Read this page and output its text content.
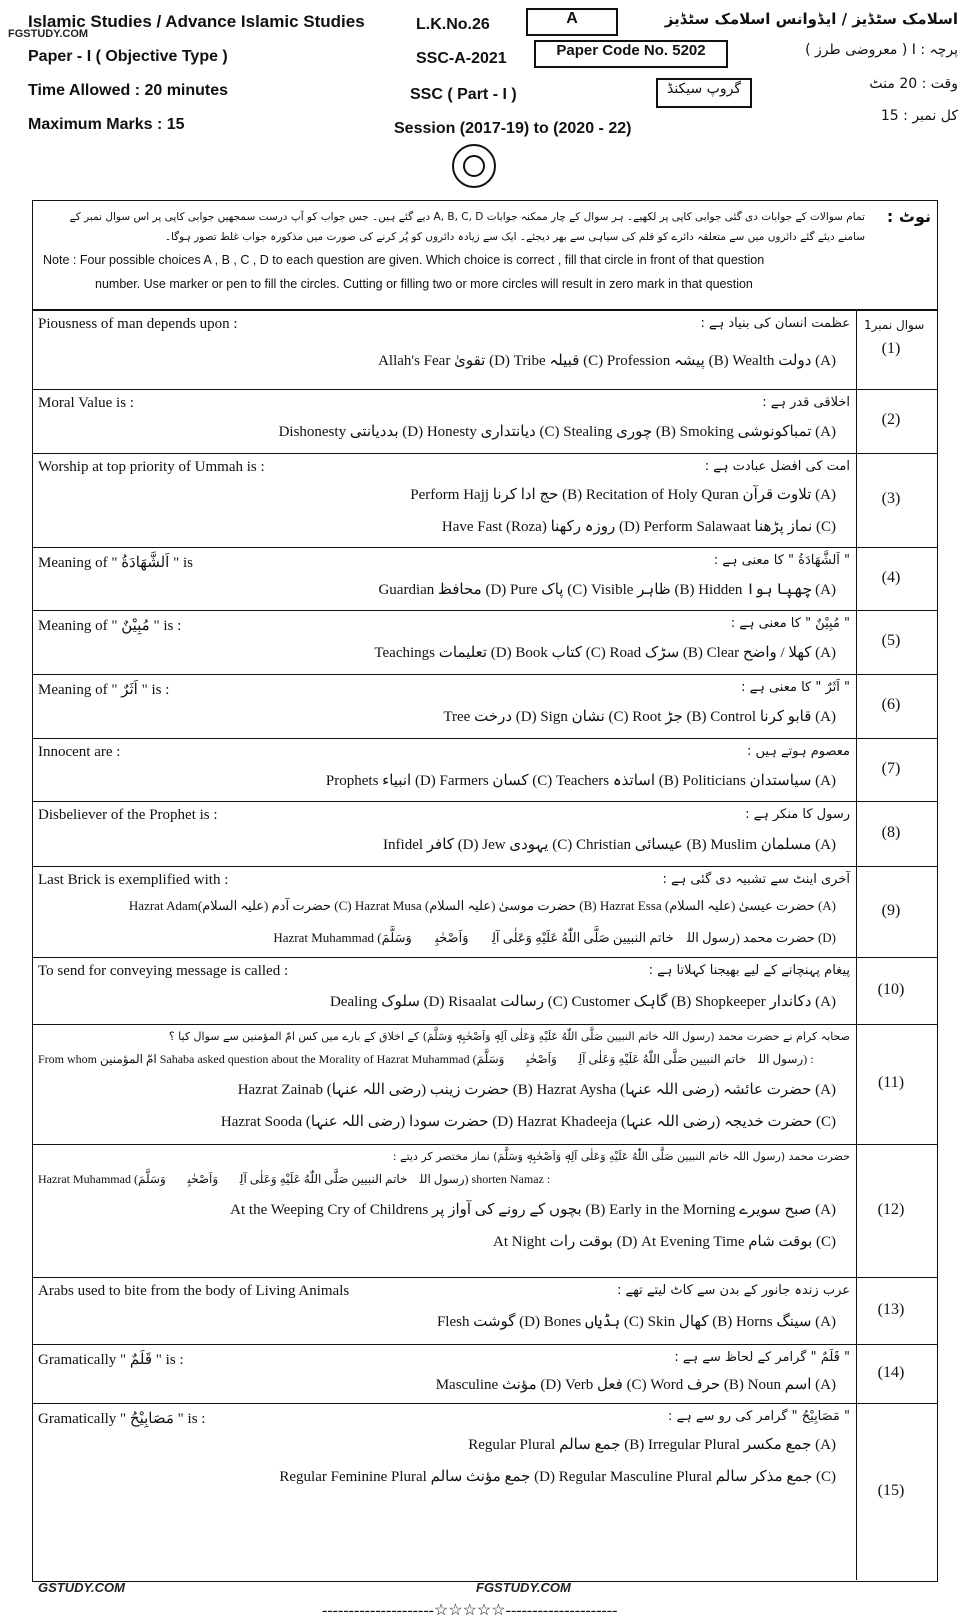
Islamic Studies / Advance Islamic Studies
FGSTUDY.COM
Paper - I ( Objective Type )
Time Allowed : 20 minutes
Maximum Marks : 15
L.K.No.26
SSC-A-2021
SSC ( Part - I )
Session (2017-19) to (2020 - 22)
A
Paper Code No. 5202
گروپ سیکنڈ
اسلامک سٹڈیز / ایڈوانس اسلامک سٹڈیز
پرچہ : I ( معروضی طرز )
وقت : 20 منٹ
کل نمبر : 15
نوٹ :
تمام سوالات کے جوابات دی گئی جوابی کاپی پر لکھیے۔ ہر سوال کے چار ممکنہ جوابات A, B, C, D دیے گئے ہیں۔ جس جواب کو آپ درست سمجھیں جوابی کاپی پر اس سوال نمبر کے
سامنے دیئے گئے دائروں میں سے متعلقہ دائرے کو قلم کی سیاہی سے بھر دیجئے۔ ایک سے زیادہ دائروں کو پُر کرنے کی صورت میں مذکورہ جواب غلط تصور ہوگا۔
Note : Four possible choices A , B , C , D to each question are given. Which choice is correct , fill that circle in front of that question
number. Use marker or pen to fill the circles. Cutting or filling two or more circles will result in zero mark in that question
سوال نمبر1
Piousness of man depends upon :	عظمت انسان کی بنیاد ہے :
Allah's Fear تقویٰ (D) Tribe قبیلہ (C) Profession پیشہ (B) Wealth دولت (A)
(1)
Moral Value is :	اخلاقی قدر ہے :
Dishonesty بددیانتی (D) Honesty دیانتداری (C) Stealing چوری (B) Smoking تمباکونوشی (A)
(2)
Worship at top priority of Ummah is :	امت کی افضل عبادت ہے :
Perform Hajj حج ادا کرنا (B) Recitation of Holy Quran تلاوت قرآن (A)
Have Fast (Roza) روزہ رکھنا (D) Perform Salawaat نماز پڑھنا (C)
(3)
Meaning of " اَلشَّهَادَةُ " is	" اَلشَّهَادَةُ " کا معنی ہے :
Guardian محافظ (D) Pure پاک (C) Visible ظاہر (B) Hidden چھپا ہوا (A)
(4)
Meaning of " مُبِيْنٌ " is :	" مُبِيْنٌ " کا معنی ہے :
Teachings تعلیمات (D) Book کتاب (C) Road سڑک (B) Clear کھلا / واضح (A)
(5)
Meaning of " اَثَرٌ " is :	" اَثَرٌ " کا معنی ہے :
Tree درخت (D) Sign نشان (C) Root جڑ (B) Control قابو کرنا (A)
(6)
Innocent are :	معصوم ہوتے ہیں :
Prophets انبیاء (D) Farmers کسان (C) Teachers اساتذہ (B) Politicians سیاستدان (A)
(7)
Disbeliever of the Prophet is :	رسول کا منکر ہے :
Infidel کافر (D) Jew یہودی (C) Christian عیسائی (B) Muslim مسلمان (A)
(8)
Last Brick is exemplified with :	آخری اینٹ سے تشبیہ دی گئی ہے :
Hazrat Adam(علیہ السلام) حضرت آدم (C) Hazrat Musa (علیہ السلام) حضرت موسیٰ (B) Hazrat Essa (علیہ السلام) حضرت عیسیٰ (A)
Hazrat Muhammad (رسول اللہ خاتم النبیین صَلَّی اللّٰهُ عَلَیْهِ وَعَلٰی آلِهٖ وَاَصْحٰبِهٖ وَسَلَّمَ) حضرت محمد (D)
(9)
To send for conveying message is called :	پیغام پہنچانے کے لیے بھیجنا کہلاتا ہے :
Dealing سلوک (D) Risaalat رسالت (C) Customer گاہک (B) Shopkeeper دکاندار (A)
(10)
From whom امّ المؤمنین Sahaba asked question about the Morality of Hazrat Muhammad (رسول اللہ خاتم النبیین صَلَّی اللّٰهُ عَلَیْهِ وَعَلٰی آلِهٖ وَاَصْحٰبِهٖ وَسَلَّمَ) :
صحابہ کرام نے حضرت محمد (رسول اللہ خاتم النبیین صَلَّی اللّٰهُ عَلَیْهِ وَعَلٰی آلِهٖ وَاَصْحٰبِهٖ وَسَلَّمَ) کے اخلاق کے بارے میں کس امّ المؤمنین سے سوال کیا ؟
Hazrat Zainab (رضی اللہ عنہا) حضرت زینب (B) Hazrat Aysha (رضی اللہ عنہا) حضرت عائشہ (A)
Hazrat Sooda (رضی اللہ عنہا) حضرت سودا (D) Hazrat Khadeeja (رضی اللہ عنہا) حضرت خدیجہ (C)
(11)
Hazrat Muhammad (رسول اللہ خاتم النبیین صَلَّی اللّٰهُ عَلَیْهِ وَعَلٰی آلِهٖ وَاَصْحٰبِهٖ وَسَلَّمَ) shorten Namaz :
حضرت محمد (رسول اللہ خاتم النبیین صَلَّی اللّٰهُ عَلَیْهِ وَعَلٰی آلِهٖ وَاَصْحٰبِهٖ وَسَلَّمَ) نماز مختصر کر دیتے :
At the Weeping Cry of Childrens بچوں کے رونے کی آواز پر (B) Early in the Morning صبح سویرے (A)
At Night بوقت رات (D) At Evening Time بوقت شام (C)
(12)
Arabs used to bite from the body of Living Animals	عرب زندہ جانور کے بدن سے کاٹ لیتے تھے :
Flesh گوشت (D) Bones ہڈیاں (C) Skin کھال (B) Horns سینگ (A)
(13)
Gramatically " قَلَمٌ " is :	" قَلَمٌ " گرامر کے لحاظ سے ہے :
Masculine مؤنث (D) Verb فعل (C) Word حرف (B) Noun اسم (A)
(14)
Gramatically " مَصَابِيْحُ " is :	" مَصَابِيْحُ " گرامر کی رو سے ہے :
Regular Plural جمع سالم (B) Irregular Plural جمع مکسر (A)
Regular Feminine Plural جمع مؤنث سالم (D) Regular Masculine Plural جمع مذکر سالم (C)
(15)
GSTUDY.COM	FGSTUDY.COM
---------------------☆☆☆☆☆---------------------
